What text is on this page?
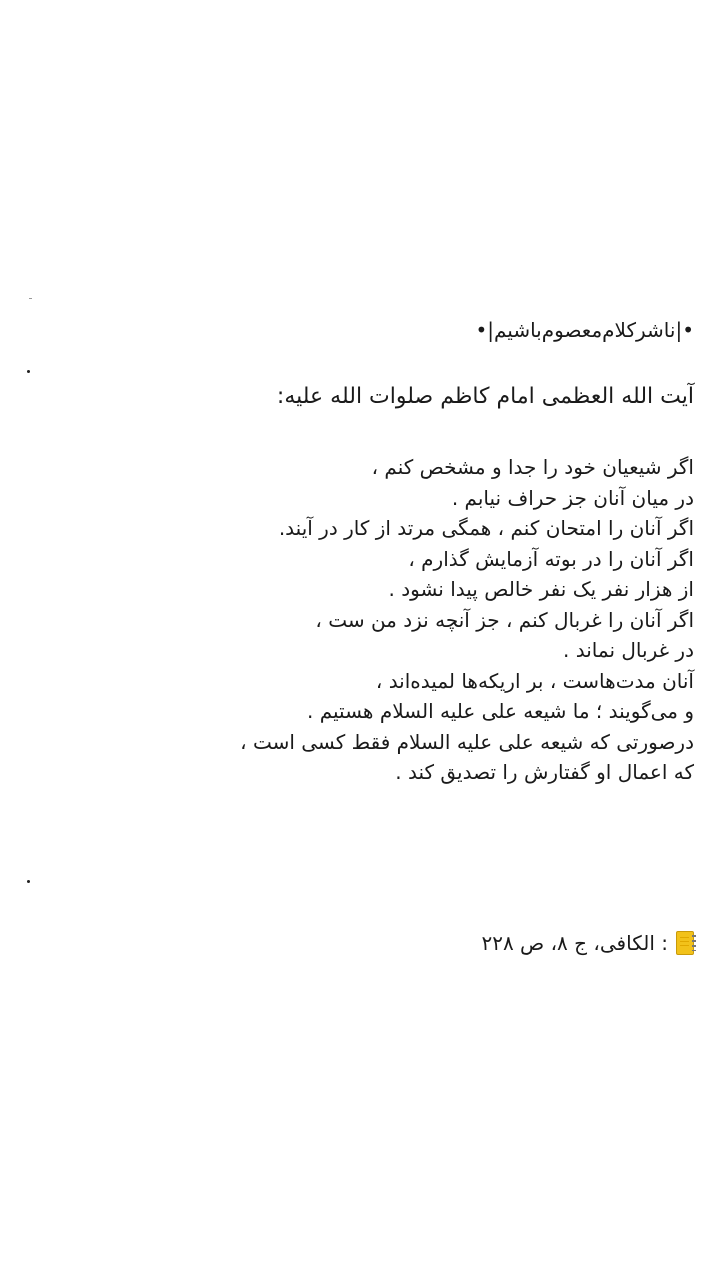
•|ناشرکلام‌معصوم‌باشیم|•
آیت الله العظمی امام کاظم صلوات الله علیه:
اگر شیعیان خود را جدا و مشخص کنم ،
در میان آنان جز حراف نیابم .
اگر آنان را امتحان کنم ، همگی مرتد از کار در آیند.
اگر آنان را در بوته آزمایش گذارم ،
از هزار نفر یک نفر خالص پیدا نشود .
اگر آنان را غربال کنم ، جز آنچه نزد من ست ،
در غربال نماند .
آنان مدت‌هاست ، بر اریکه‌ها لمیده‌اند ،
و می‌گویند ؛ ما شیعه علی علیه السلام هستیم .
درصورتی که شیعه علی علیه السلام فقط کسی است ،
که اعمال او گفتارش را تصدیق کند .
: الکافی، ج ۸، ص ۲۲۸
